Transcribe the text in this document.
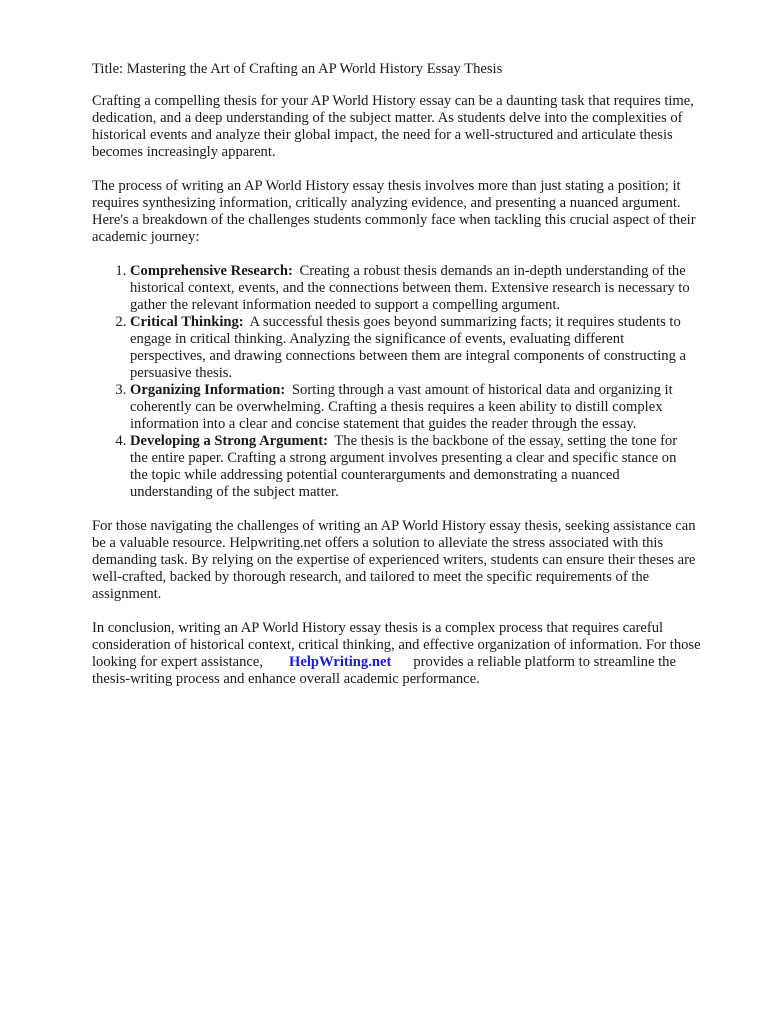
Title: Mastering the Art of Crafting an AP World History Essay Thesis

Crafting a compelling thesis for your AP World History essay can be a daunting task that requires time, dedication, and a deep understanding of the subject matter. As students delve into the complexities of historical events and analyze their global impact, the need for a well-structured and articulate thesis becomes increasingly apparent.

The process of writing an AP World History essay thesis involves more than just stating a position; it requires synthesizing information, critically analyzing evidence, and presenting a nuanced argument. Here's a breakdown of the challenges students commonly face when tackling this crucial aspect of their academic journey:

1. Comprehensive Research: Creating a robust thesis demands an in-depth understanding of the historical context, events, and the connections between them. Extensive research is necessary to gather the relevant information needed to support a compelling argument.
2. Critical Thinking: A successful thesis goes beyond summarizing facts; it requires students to engage in critical thinking. Analyzing the significance of events, evaluating different perspectives, and drawing connections between them are integral components of constructing a persuasive thesis.
3. Organizing Information: Sorting through a vast amount of historical data and organizing it coherently can be overwhelming. Crafting a thesis requires a keen ability to distill complex information into a clear and concise statement that guides the reader through the essay.
4. Developing a Strong Argument: The thesis is the backbone of the essay, setting the tone for the entire paper. Crafting a strong argument involves presenting a clear and specific stance on the topic while addressing potential counterarguments and demonstrating a nuanced understanding of the subject matter.

For those navigating the challenges of writing an AP World History essay thesis, seeking assistance can be a valuable resource. Helpwriting.net offers a solution to alleviate the stress associated with this demanding task. By relying on the expertise of experienced writers, students can ensure their theses are well-crafted, backed by thorough research, and tailored to meet the specific requirements of the assignment.

In conclusion, writing an AP World History essay thesis is a complex process that requires careful consideration of historical context, critical thinking, and effective organization of information. For those looking for expert assistance, HelpWriting.net provides a reliable platform to streamline the thesis-writing process and enhance overall academic performance.
